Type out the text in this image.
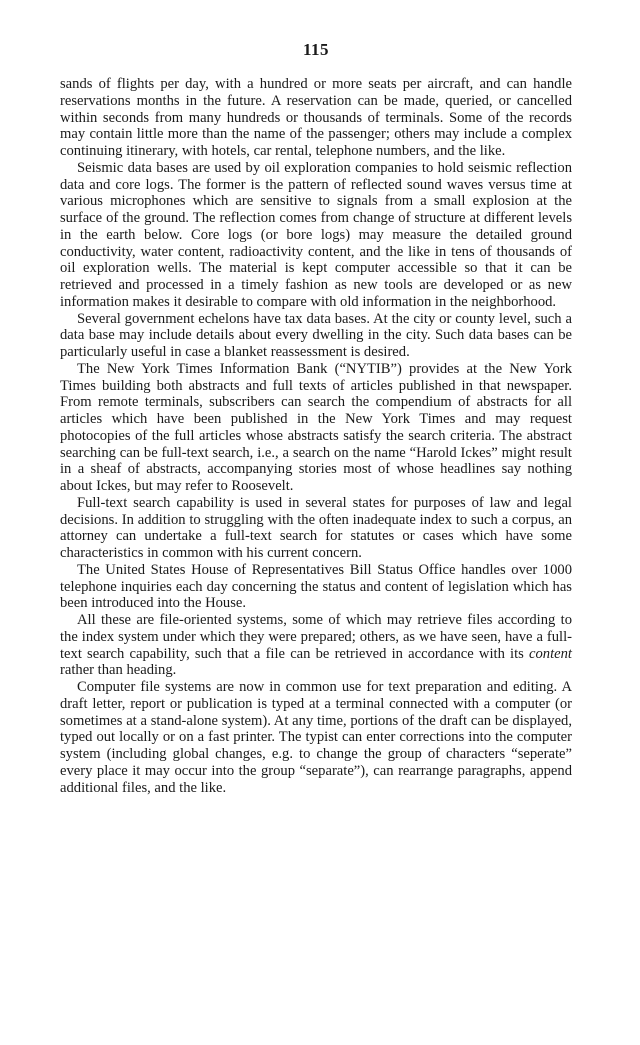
115

sands of flights per day, with a hundred or more seats per aircraft, and can handle reservations months in the future. A reservation can be made, queried, or cancelled within seconds from many hundreds or thousands of terminals. Some of the records may contain little more than the name of the passenger; others may include a complex continuing itinerary, with hotels, car rental, telephone numbers, and the like.

Seismic data bases are used by oil exploration companies to hold seismic reflection data and core logs. The former is the pattern of reflected sound waves versus time at various microphones which are sensitive to signals from a small explosion at the surface of the ground. The reflection comes from change of structure at different levels in the earth below. Core logs (or bore logs) may measure the detailed ground conductivity, water content, radioactivity content, and the like in tens of thousands of oil exploration wells. The material is kept computer accessible so that it can be retrieved and processed in a timely fashion as new tools are developed or as new information makes it desirable to compare with old information in the neighborhood.

Several government echelons have tax data bases. At the city or county level, such a data base may include details about every dwelling in the city. Such data bases can be particularly useful in case a blanket reassessment is desired.

The New York Times Information Bank (“NYTIB”) provides at the New York Times building both abstracts and full texts of articles published in that newspaper. From remote terminals, subscribers can search the compendium of abstracts for all articles which have been published in the New York Times and may request photocopies of the full articles whose abstracts satisfy the search criteria. The abstract searching can be full-text search, i.e., a search on the name “Harold Ickes” might result in a sheaf of abstracts, accompanying stories most of whose headlines say nothing about Ickes, but may refer to Roosevelt.

Full-text search capability is used in several states for purposes of law and legal decisions. In addition to struggling with the often inadequate index to such a corpus, an attorney can undertake a full-text search for statutes or cases which have some characteristics in common with his current concern.

The United States House of Representatives Bill Status Office handles over 1000 telephone inquiries each day concerning the status and content of legislation which has been introduced into the House.

All these are file-oriented systems, some of which may retrieve files according to the index system under which they were prepared; others, as we have seen, have a full-text search capability, such that a file can be retrieved in accordance with its content rather than heading.

Computer file systems are now in common use for text preparation and editing. A draft letter, report or publication is typed at a terminal connected with a computer (or sometimes at a stand-alone system). At any time, portions of the draft can be displayed, typed out locally or on a fast printer. The typist can enter corrections into the computer system (including global changes, e.g. to change the group of characters “seperate” every place it may occur into the group “separate”), can rearrange paragraphs, append additional files, and the like.
